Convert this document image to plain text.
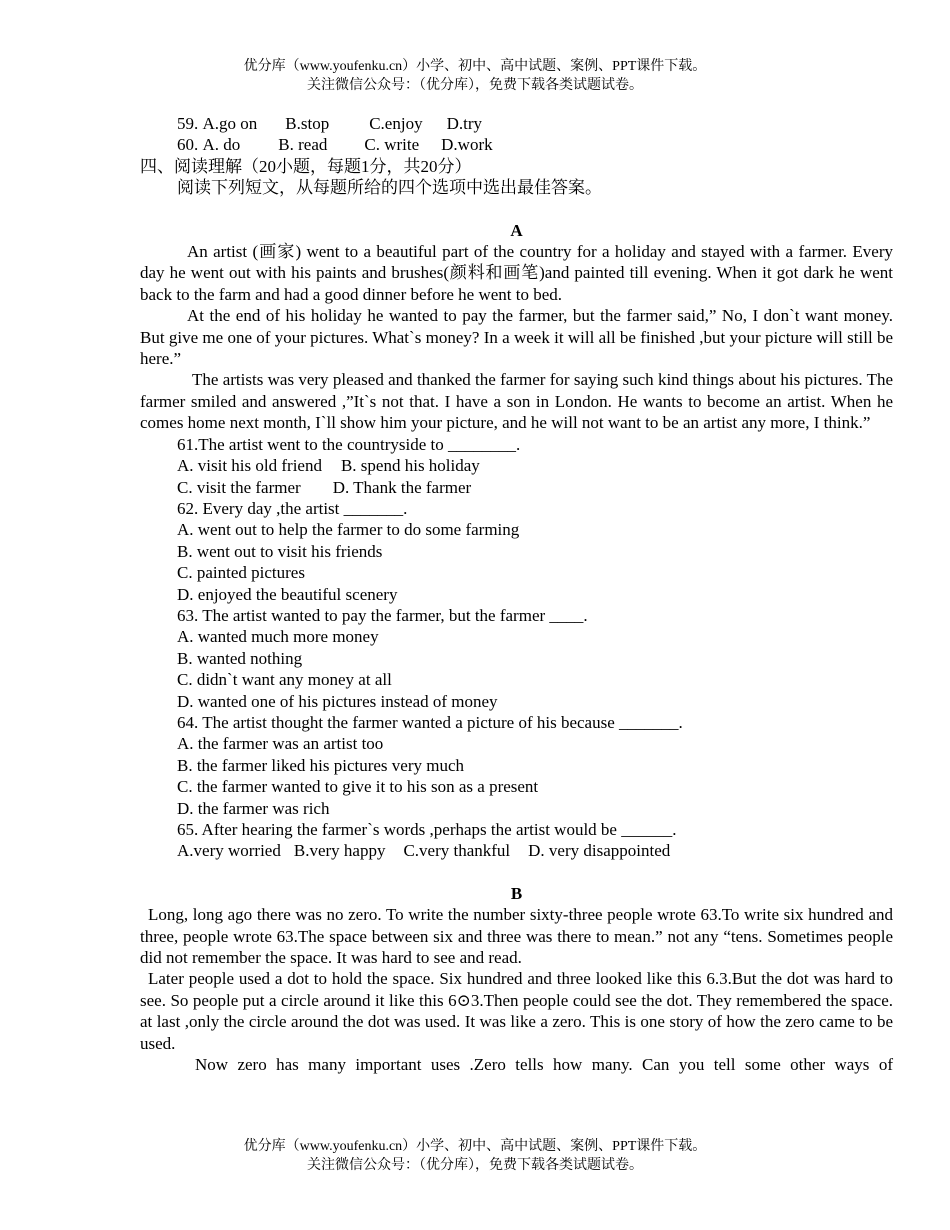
优分库（www.youfenku.cn）小学、初中、高中试题、案例、PPT课件下载。
关注微信公众号：（优分库），免费下载各类试题试卷。
59. A.go on B.stop C.enjoy D.try
60. A. do B. read C. write D.work
四、阅读理解（20小题，每题1分，共20分）
阅读下列短文，从每题所给的四个选项中选出最佳答案。
A
An artist (画家) went to a beautiful part of the country for a holiday and stayed with a farmer. Every day he went out with his paints and brushes(颜料和画笔)and painted till evening. When it got dark he went back to the farm and had a good dinner before he went to bed.
At the end of his holiday he wanted to pay the farmer, but the farmer said,” No, I don`t want money. But give me one of your pictures. What`s money? In a week it will all be finished ,but your picture will still be here.”
The artists was very pleased and thanked the farmer for saying such kind things about his pictures. The farmer smiled and answered ,”It`s not that. I have a son in London. He wants to become an artist. When he comes home next month, I`ll show him your picture, and he will not want to be an artist any more, I think.”
61.The artist went to the countryside to ________.
A. visit his old friend B. spend his holiday
C. visit the farmer D. Thank the farmer
62. Every day ,the artist _______.
A. went out to help the farmer to do some farming
B. went out to visit his friends
C. painted pictures
D. enjoyed the beautiful scenery
63. The artist wanted to pay the farmer, but the farmer ____.
A. wanted much more money
B. wanted nothing
C. didn`t want any money at all
D. wanted one of his pictures instead of money
64. The artist thought the farmer wanted a picture of his because _______.
A. the farmer was an artist too
B. the farmer liked his pictures very much
C. the farmer wanted to give it to his son as a present
D. the farmer was rich
65. After hearing the farmer`s words ,perhaps the artist would be ______.
A.very worried B.very happy C.very thankful D. very disappointed
B
Long, long ago there was no zero. To write the number sixty-three people wrote 63.To write six hundred and three, people wrote 63.The space between six and three was there to mean.” not any “tens. Sometimes people did not remember the space. It was hard to see and read.
Later people used a dot to hold the space. Six hundred and three looked like this 6.3.But the dot was hard to see. So people put a circle around it like this 6⊙3.Then people could see the dot. They remembered the space. at last ,only the circle around the dot was used. It was like a zero. This is one story of how the zero came to be used.
Now zero has many important uses .Zero tells how many. Can you tell some other ways of
优分库（www.youfenku.cn）小学、初中、高中试题、案例、PPT课件下载。
关注微信公众号：（优分库），免费下载各类试题试卷。
